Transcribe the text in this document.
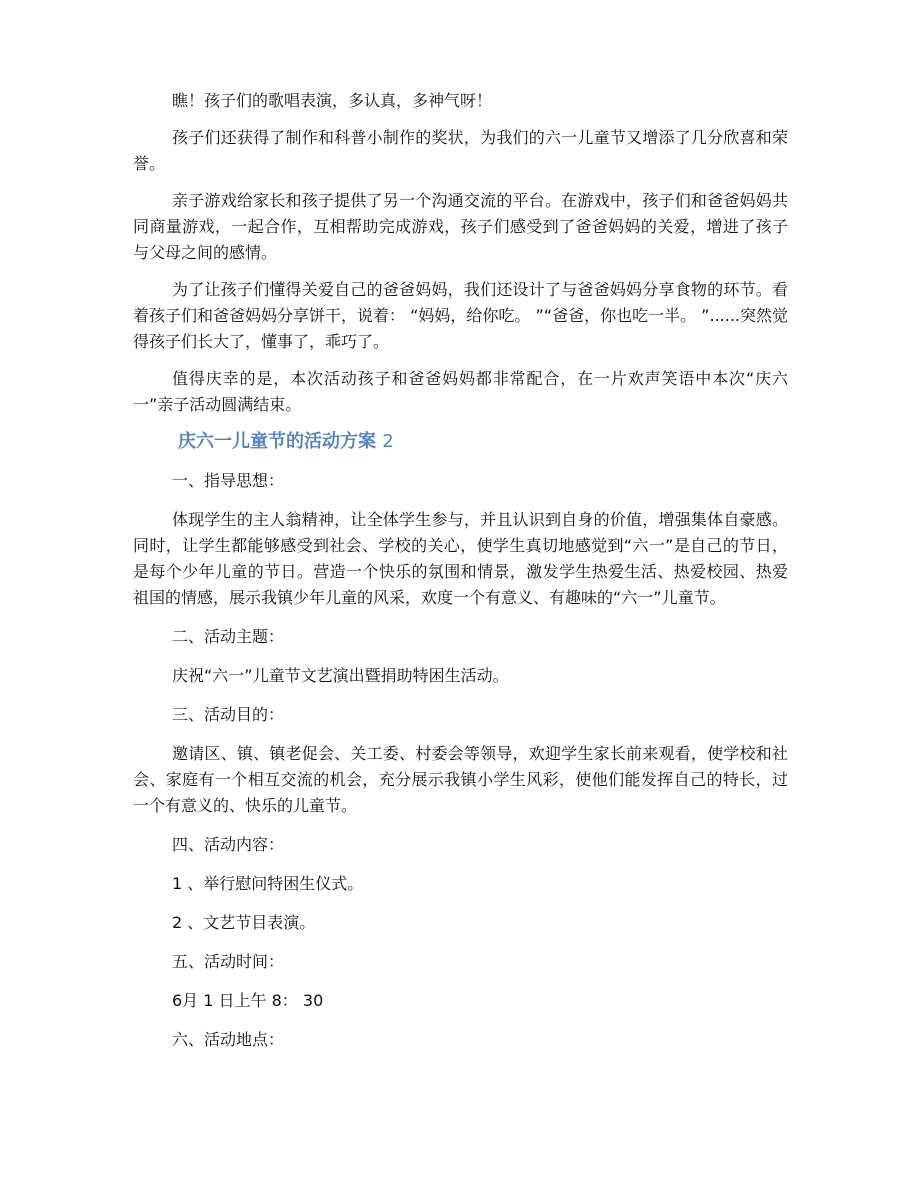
瞧！孩子们的歌唱表演，多认真，多神气呀！

孩子们还获得了制作和科普小制作的奖状，为我们的六一儿童节又增添了几分欣喜和荣誉。

亲子游戏给家长和孩子提供了另一个沟通交流的平台。在游戏中，孩子们和爸爸妈妈共同商量游戏，一起合作，互相帮助完成游戏，孩子们感受到了爸爸妈妈的关爱，增进了孩子与父母之间的感情。

为了让孩子们懂得关爱自己的爸爸妈妈，我们还设计了与爸爸妈妈分享食物的环节。看着孩子们和爸爸妈妈分享饼干，说着： “妈妈，给你吃。 ”“爸爸，你也吃一半。 ”......突然觉得孩子们长大了，懂事了，乖巧了。

值得庆幸的是，本次活动孩子和爸爸妈妈都非常配合，在一片欢声笑语中本次“庆六一”亲子活动圆满结束。

庆六一儿童节的活动方案 2

一、指导思想：

体现学生的主人翁精神，让全体学生参与，并且认识到自身的价值，增强集体自豪感。同时，让学生都能够感受到社会、学校的关心，使学生真切地感觉到“六一”是自己的节日，是每个少年儿童的节日。营造一个快乐的氛围和情景，激发学生热爱生活、热爱校园、热爱祖国的情感，展示我镇少年儿童的风采，欢度一个有意义、有趣味的“六一”儿童节。

二、活动主题：

庆祝“六一”儿童节文艺演出暨捐助特困生活动。

三、活动目的：

邀请区、镇、镇老促会、关工委、村委会等领导，欢迎学生家长前来观看，使学校和社会、家庭有一个相互交流的机会，充分展示我镇小学生风彩，使他们能发挥自己的特长，过一个有意义的、快乐的儿童节。

四、活动内容：

1 、举行慰问特困生仪式。

2 、文艺节目表演。

五、活动时间：

6月 1 日上午 8： 30

六、活动地点：
